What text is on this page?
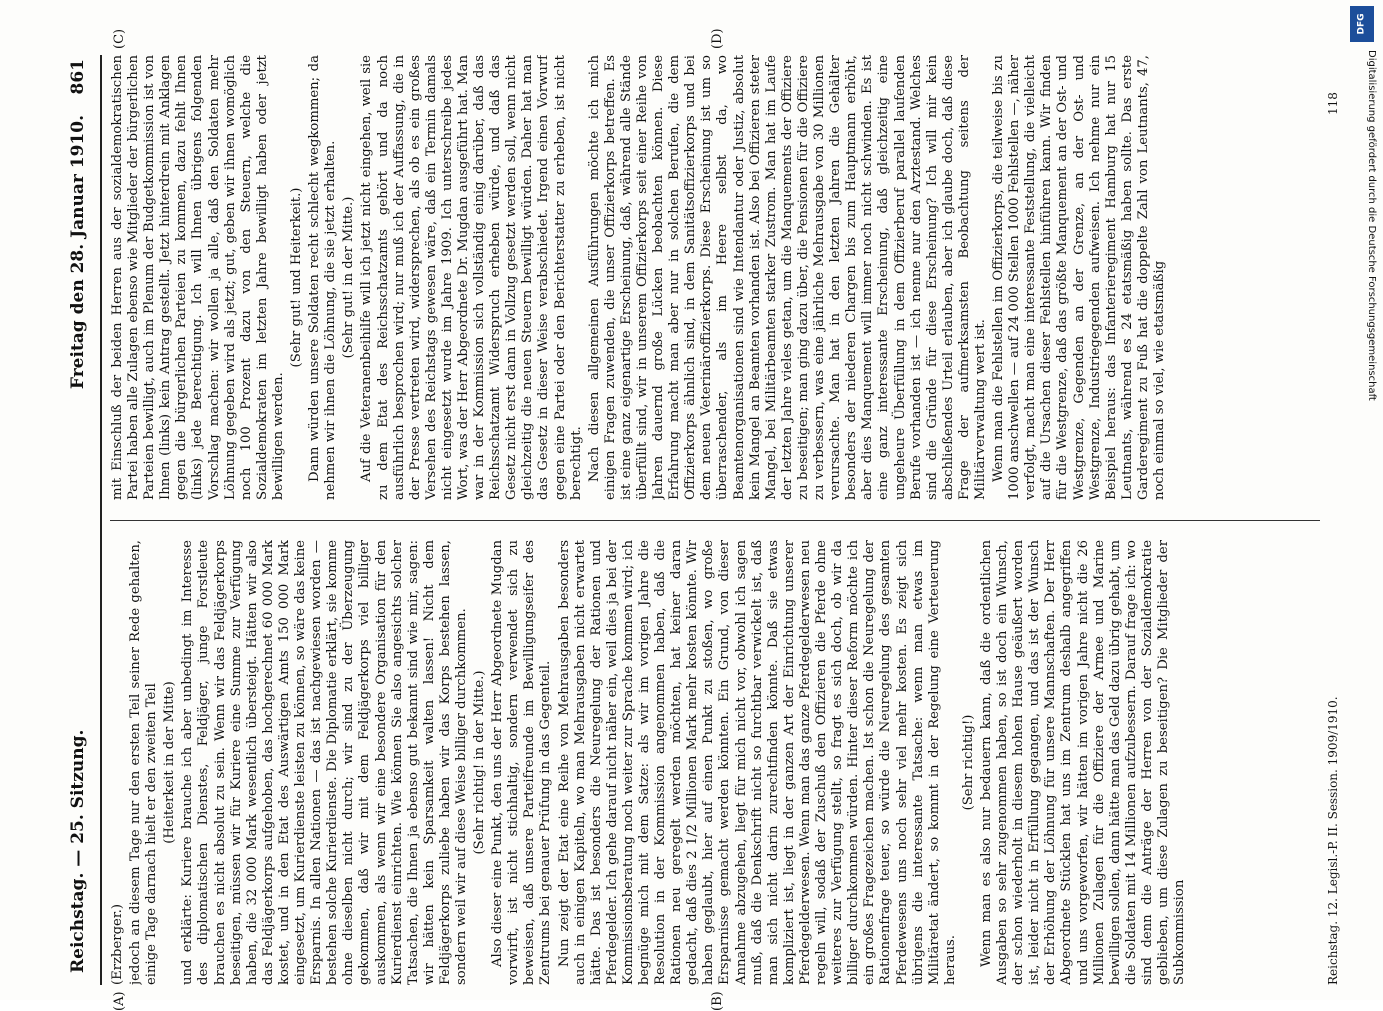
Reichstag. — 25. Sitzung.
Freitag den 28. Januar 1910.
861
(A)	(B)
(C)	(D)

(Erzberger.) jedoch an diesem Tage nur den ersten Teil seiner Rede gehalten, einige Tage darnach hielt er den zweiten Teil (Heiterkeit in der Mitte) und erklärte: Kuriere brauche ich aber unbedingt im Interesse des diplomatischen Dienstes, Feldjäger, junge Forstleute brauchen es nicht absolut zu sein. Wenn wir das Feldjägerkorps beseitigen, müssen wir für Kuriere eine Summe zur Verfügung haben, die 32 000 Mark wesentlich übersteigt. Hätten wir also das Feldjägerkorps aufgehoben, das hochgerechnet 60 000 Mark kostet, und in den Etat des Auswärtigen Amts 150 000 Mark eingesetzt, um Kurierdienste leisten zu können, so wäre das keine Ersparnis. In allen Nationen — das ist nachgewiesen worden — bestehen solche Kurierdienste. Die Diplomatie erklärt, sie komme ohne dieselben nicht durch; wir sind zu der Überzeugung gekommen, daß wir mit dem Feldjägerkorps viel billiger auskommen, als wenn wir eine besondere Organisation für den Kurierdienst einrichten. Wie können Sie also angesichts solcher Tatsachen, die Ihnen ja ebenso gut bekannt sind wie mir, sagen: wir hätten kein Sparsamkeit walten lassen! Nicht dem Feldjägerkorps zuliebe haben wir das Korps bestehen lassen, sondern weil wir auf diese Weise billiger durchkommen. (Sehr richtig! in der Mitte.) Also dieser eine Punkt, den uns der Herr Abgeordnete Mugdan vorwirft, ist nicht stichhaltig, sondern verwendet sich zu beweisen, daß unsere Parteifreunde im Bewilligungseifer des Zentrums bei genauer Prüfung in das Gegenteil. Nun zeigt der Etat eine Reihe von Mehrausgaben besonders auch in einigen Kapiteln, wo man Mehrausgaben nicht erwartet hätte. Das ist besonders die Neuregelung der Rationen und Pferdegelder. Ich gehe darauf nicht näher ein, weil dies ja bei der Kommissionsberatung noch weiter zur Sprache kommen wird; ich begnüge mich mit dem Satze: als wir im vorigen Jahre die Resolution in der Kommission angenommen haben, daß die Rationen neu geregelt werden möchten, hat keiner daran gedacht, daß dies 2 1/2 Millionen Mark mehr kosten könnte. Wir haben geglaubt, hier auf einen Punkt zu stoßen, wo große Ersparnisse gemacht werden könnten. Ein Grund, von dieser Annahme abzugehen, liegt für mich nicht vor, obwohl ich sagen muß, daß die Denkschrift nicht so furchtbar verwickelt ist, daß man sich nicht darin zurechtfinden könnte. Daß sie etwas kompliziert ist, liegt in der ganzen Art der Einrichtung unserer Pferdegelderwesen. Wenn man das ganze Pferdegelderwesen neu regeln will, sodaß der Zuschuß den Offizieren die Pferde ohne weiteres zur Verfügung stellt, so fragt es sich doch, ob wir da billiger durchkommen würden. Hinter dieser Reform möchte ich ein großes Fragezeichen machen. Ist schon die Neuregelung der Rationenfrage teuer, so würde die Neuregelung des gesamten Pferdewesens uns noch sehr viel mehr kosten. Es zeigt sich übrigens die interessante Tatsache: wenn man etwas im Militäretat ändert, so kommt in der Regelung eine Verteuerung heraus.

(Sehr richtig!) Wenn man es also nur bedauern kann, daß die ordentlichen Ausgaben so sehr zugenommen haben, so ist doch ein Wunsch, der schon wiederholt in diesem hohen Hause geäußert worden ist, leider nicht in Erfüllung gegangen, und das ist der Wunsch der Erhöhung der Löhnung für unsere Mannschaften. Der Herr Abgeordnete Stücklen hat uns im Zentrum deshalb angegriffen und uns vorgeworfen, wir hätten im vorigen Jahre nicht die 26 Millionen Zulagen für die Offiziere der Armee und Marine bewilligen sollen, dann hätte man das Geld dazu übrig gehabt, um die Soldaten mit 14 Millionen aufzubessern. Darauf frage ich: wo sind denn die Anträge der Herren von der Sozialdemokratie geblieben, um diese Zulagen zu beseitigen? Die Mitglieder der Subkommission

mit Einschluß der beiden Herren aus der sozialdemokratischen Partei haben alle Zulagen ebenso wie Mitglieder der bürgerlichen Parteien bewilligt, auch im Plenum der Budgetkommission ist von Ihnen (links) kein Antrag gestellt. Jetzt hinterdrein mit Anklagen gegen die bürgerlichen Parteien zu kommen, dazu fehlt Ihnen (links) jede Berechtigung. Ich will Ihnen übrigens folgenden Vorschlag machen: wir wollen ja alle, daß den Soldaten mehr Löhnung gegeben wird als jetzt; gut, geben wir ihnen womöglich noch 100 Prozent dazu von den Steuern, welche die Sozialdemokraten im letzten Jahre bewilligt haben oder jetzt bewilligen werden.

(Sehr gut! und Heiterkeit.) Dann würden unsere Soldaten recht schlecht wegkommen; da nehmen wir ihnen die Löhnung, die sie jetzt erhalten. (Sehr gut! in der Mitte.) Auf die Veteranenbeihilfe will ich jetzt nicht eingehen, weil sie zu dem Etat des Reichsschatzamts gehört und da noch ausführlich besprochen wird; nur muß ich der Auffassung, die in der Presse vertreten wird, widersprechen, als ob es ein großes Versehen des Reichstags gewesen wäre, daß ein Termin damals nicht eingesetzt wurde im Jahre 1909. Ich unterschreibe jedes Wort, was der Herr Abgeordnete Dr. Mugdan ausgeführt hat. Man war in der Kommission sich vollständig einig darüber, daß das Reichsschatzamt Widerspruch erheben würde, und daß das Gesetz nicht erst dann in Vollzug gesetzt werden soll, wenn nicht gleichzeitig die neuen Steuern bewilligt würden. Daher hat man das Gesetz in dieser Weise verabschiedet. Irgend einen Vorwurf gegen eine Partei oder den Berichterstatter zu erheben, ist nicht berechtigt. Nach diesen allgemeinen Ausführungen möchte ich mich einigen Fragen zuwenden, die unser Offizierkorps betreffen. Es ist eine ganz eigenartige Erscheinung, daß, während alle Stände überfüllt sind, wir in unserem Offizierkorps seit einer Reihe von Jahren dauernd große Lücken beobachten können. Diese Erfahrung macht man aber nur in solchen Berufen, die dem Offizierkorps ähnlich sind, in dem Sanitätsoffizierkorps und bei dem neuen Veterinäroffizierkorps. Diese Erscheinung ist um so überraschender, als im Heere selbst da, wo Beamtenorganisationen sind wie Intendantur oder Justiz, absolut kein Mangel an Beamten vorhanden ist. Also bei Offizieren steter Mangel, bei Militärbeamten starker Zustrom. Man hat im Laufe der letzten Jahre vieles getan, um die Manquements der Offiziere zu beseitigen; man ging dazu über, die Pensionen für die Offiziere zu verbessern, was eine jährliche Mehrausgabe von 30 Millionen verursachte. Man hat in den letzten Jahren die Gehälter besonders der niederen Chargen bis zum Hauptmann erhöht, aber dies Manquement will immer noch nicht schwinden. Es ist eine ganz interessante Erscheinung, daß gleichzeitig eine ungeheure Überfüllung in dem Offizierberuf parallel laufenden Berufe vorhanden ist — ich nenne nur den Arztestand. Welches sind die Gründe für diese Erscheinung? Ich will mir kein abschließendes Urteil erlauben, aber ich glaube doch, daß diese Frage der aufmerksamsten Beobachtung seitens der Militärverwaltung wert ist. Wenn man die Fehlstellen im Offizierkorps, die teilweise bis zu 1000 anschwellen — auf 24 000 Stellen 1000 Fehlstellen —, näher verfolgt, macht man eine interessante Feststellung, die vielleicht auf die Ursachen dieser Fehlstellen hinführen kann. Wir finden für die Westgrenze, daß das größte Manquement an der Ost- und Westgrenze, Gegenden an der Grenze, an der Ost- und Westgrenze, Industriegegenden aufweisen. Ich nehme nur ein Beispiel heraus: das Infanterieregiment Hamburg hat nur 15 Leutnants, während es 24 etatsmäßig haben sollte. Das erste Garderegiment zu Fuß hat die doppelte Zahl von Leutnants, 47, noch einmal so viel, wie etatsmäßig

Reichstag. 12. Legisl.-P. II. Session. 1909/1910.
118
DFG
Digitalisierung gefördert durch die Deutsche Forschungsgemeinschaft
